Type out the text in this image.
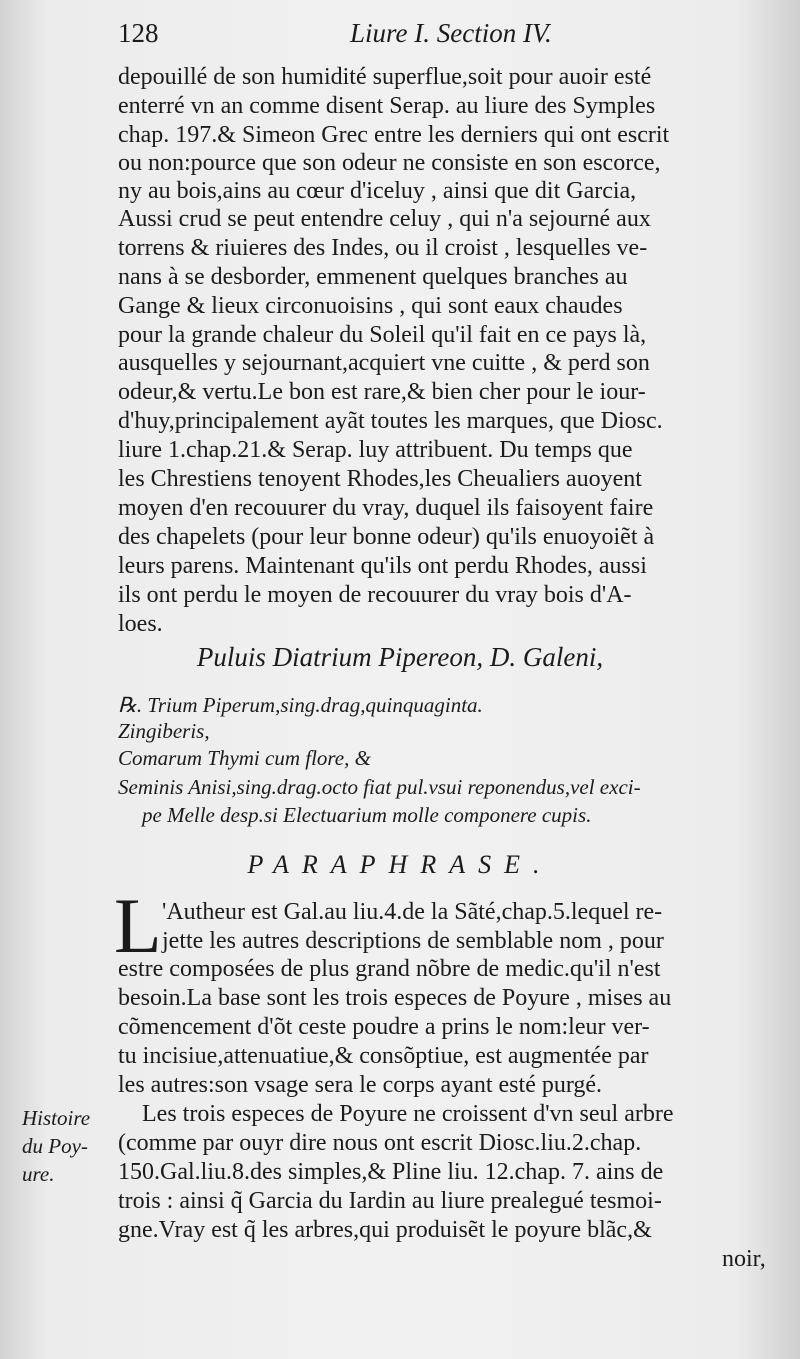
128	Liure I. Section IV.
depouillé de son humidité superflue,soit pour auoir esté
enterré vn an comme disent Serap. au liure des Symples
chap. 197.& Simeon Grec entre les derniers qui ont escrit
ou non:pource que son odeur ne consiste en son escorce,
ny au bois,ains au cœur d'iceluy , ainsi que dit Garcia,
Aussi crud se peut entendre celuy , qui n'a sejourné aux
torrens & riuieres des Indes, ou il croist , lesquelles ve-
nans à se desborder, emmenent quelques branches au
Gange & lieux circonuoisins , qui sont eaux chaudes
pour la grande chaleur du Soleil qu'il fait en ce pays là,
ausquelles y sejournant,acquiert vne cuitte , & perd son
odeur,& vertu.Le bon est rare,& bien cher pour le iour-
d'huy,principalement ayãt toutes les marques, que Diosc.
liure 1.chap.21.& Serap. luy attribuent. Du temps que
les Chrestiens tenoyent Rhodes,les Cheualiers auoyent
moyen d'en recouurer du vray, duquel ils faisoyent faire
des chapelets (pour leur bonne odeur) qu'ils enuoyoiẽt à
leurs parens. Maintenant qu'ils ont perdu Rhodes, aussi
ils ont perdu le moyen de recouurer du vray bois d'A-
loes.
Puluis Diatrium Pipereon, D. Galeni,
℞. Trium Piperum,sing.drag,quinquaginta.
Zingiberis,
Comarum Thymi cum flore, &
Seminis Anisi,sing.drag.octo fiat pul.vsui reponendus,vel exci-
pe Melle desp.si Electuarium molle componere cupis.
PARAPHRASE.
L 'Autheur est Gal.au liu.4.de la Sãté,chap.5.lequel re-
jette les autres descriptions de semblable nom , pour
estre composées de plus grand nõbre de medic.qu'il n'est
besoin.La base sont les trois especes de Poyure , mises au
cõmencement d'õt ceste poudre a prins le nom:leur ver-
tu incisiue,attenuatiue,& consõptiue, est augmentée par
les autres:son vsage sera le corps ayant esté purgé.
Les trois especes de Poyure ne croissent d'vn seul arbre
(comme par ouyr dire nous ont escrit Diosc.liu.2.chap.
150.Gal.liu.8.des simples,& Pline liu. 12.chap. 7. ains de
trois : ainsi q̃ Garcia du Iardin au liure prealegué tesmoi-
gne.Vray est q̃ les arbres,qui produisẽt le poyure blãc,&
noir,
Histoire
du Poy-
ure.
